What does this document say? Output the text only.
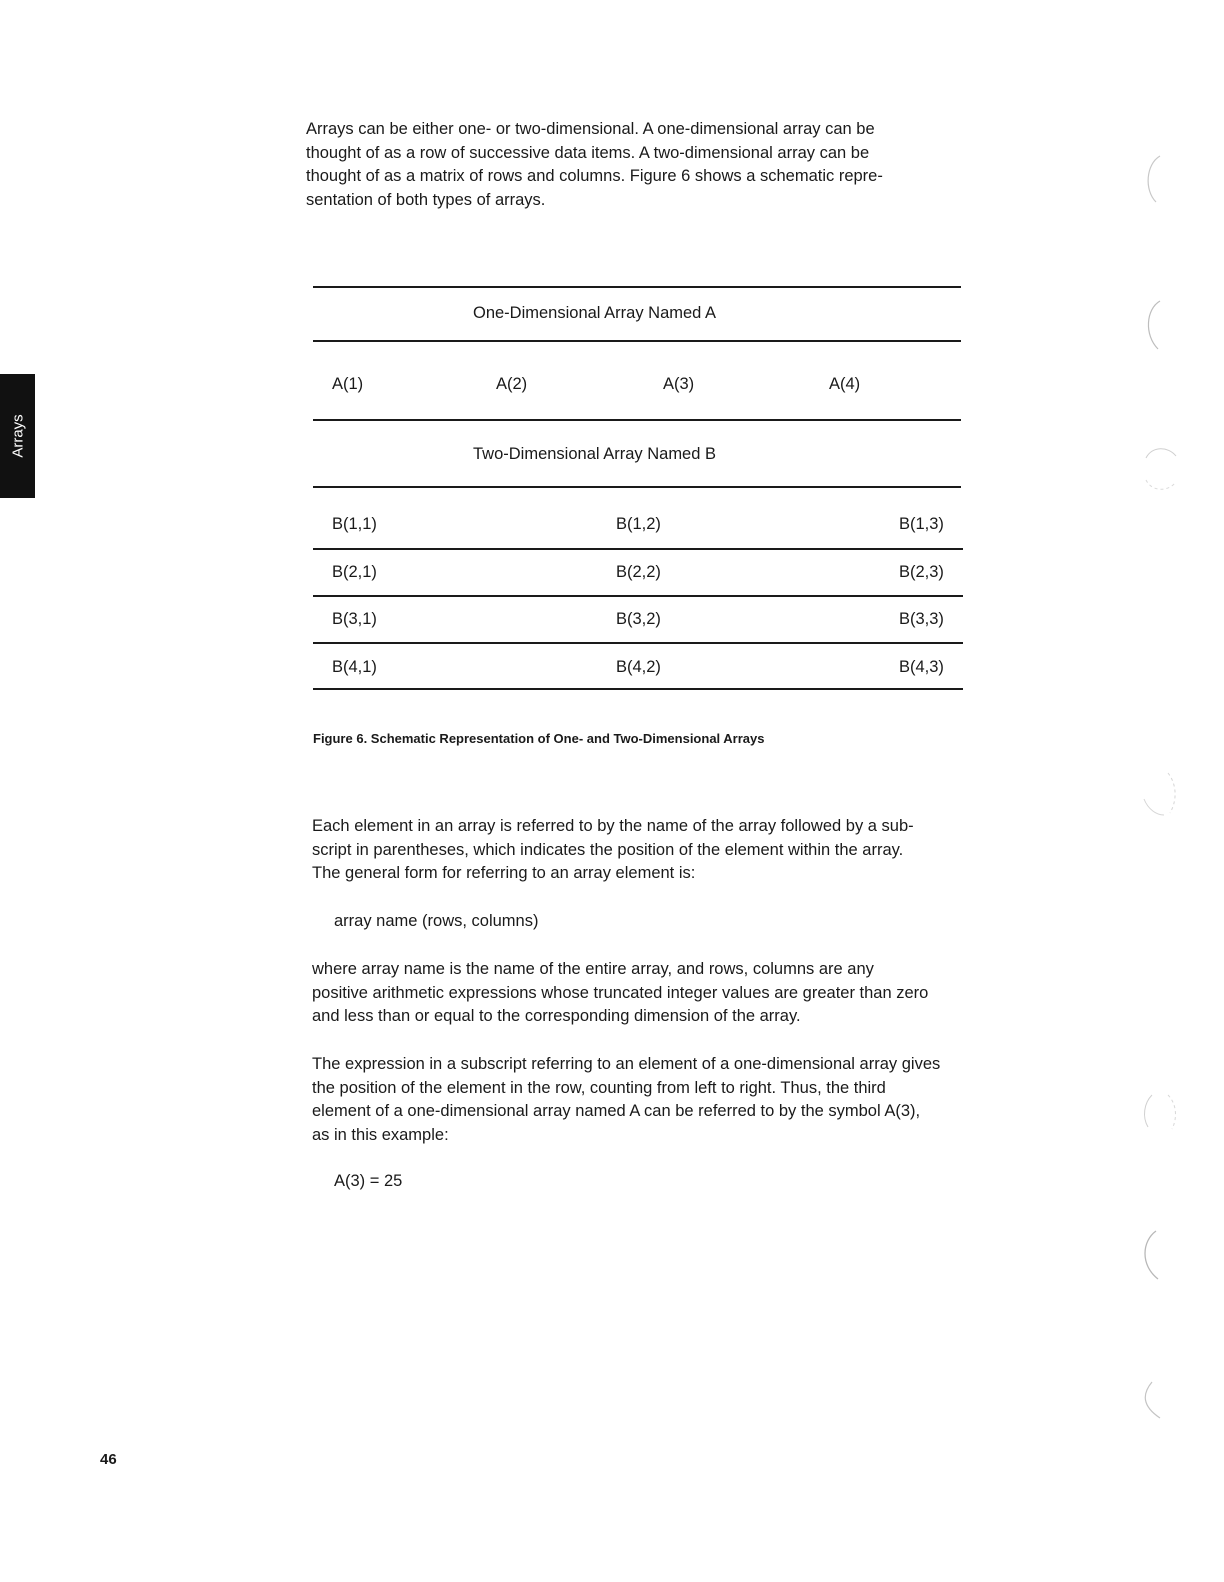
Arrays

Arrays can be either one- or two-dimensional. A one-dimensional array can be
thought of as a row of successive data items. A two-dimensional array can be
thought of as a matrix of rows and columns. Figure 6 shows a schematic repre-
sentation of both types of arrays.

One-Dimensional Array Named A
A(1)	A(2)	A(3)	A(4)
Two-Dimensional Array Named B
B(1,1)	B(1,2)	B(1,3)
B(2,1)	B(2,2)	B(2,3)
B(3,1)	B(3,2)	B(3,3)
B(4,1)	B(4,2)	B(4,3)
Figure 6. Schematic Representation of One- and Two-Dimensional Arrays

Each element in an array is referred to by the name of the array followed by a sub-
script in parentheses, which indicates the position of the element within the array.
The general form for referring to an array element is:

array name (rows, columns)

where array name is the name of the entire array, and rows, columns are any
positive arithmetic expressions whose truncated integer values are greater than zero
and less than or equal to the corresponding dimension of the array.

The expression in a subscript referring to an element of a one-dimensional array gives
the position of the element in the row, counting from left to right. Thus, the third
element of a one-dimensional array named A can be referred to by the symbol A(3),
as in this example:

A(3) = 25
46
